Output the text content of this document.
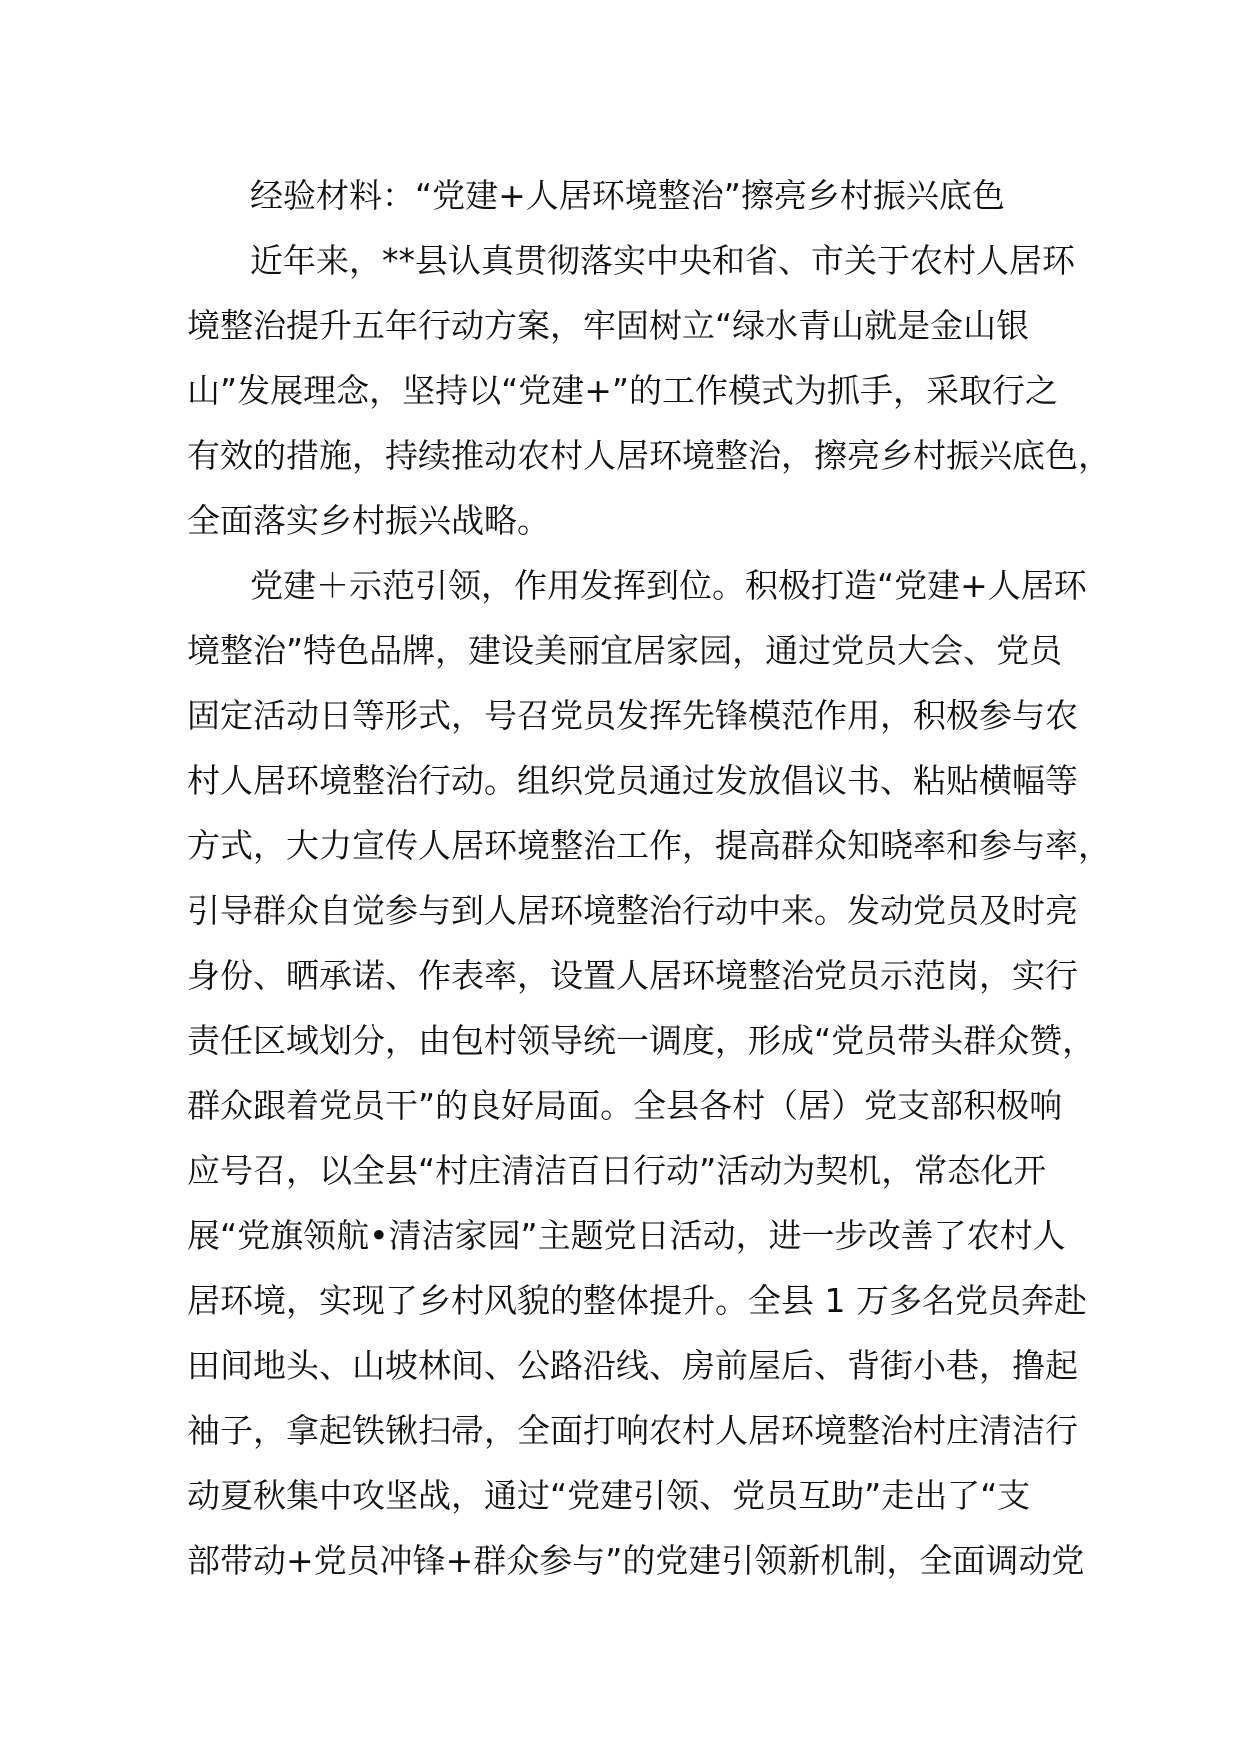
经验材料：“党建+人居环境整治”擦亮乡村振兴底色
近年来，**县认真贯彻落实中央和省、市关于农村人居环
境整治提升五年行动方案，牢固树立“绿水青山就是金山银
山”发展理念，坚持以“党建+”的工作模式为抓手，采取行之
有效的措施，持续推动农村人居环境整治，擦亮乡村振兴底色，
全面落实乡村振兴战略。
党建＋示范引领，作用发挥到位。积极打造“党建+人居环
境整治”特色品牌，建设美丽宜居家园，通过党员大会、党员
固定活动日等形式，号召党员发挥先锋模范作用，积极参与农
村人居环境整治行动。组织党员通过发放倡议书、粘贴横幅等
方式，大力宣传人居环境整治工作，提高群众知晓率和参与率，
引导群众自觉参与到人居环境整治行动中来。发动党员及时亮
身份、晒承诺、作表率，设置人居环境整治党员示范岗，实行
责任区域划分，由包村领导统一调度，形成“党员带头群众赞，
群众跟着党员干”的良好局面。全县各村（居）党支部积极响
应号召，以全县“村庄清洁百日行动”活动为契机，常态化开
展“党旗领航•清洁家园”主题党日活动，进一步改善了农村人
居环境，实现了乡村风貌的整体提升。全县 1 万多名党员奔赴
田间地头、山坡林间、公路沿线、房前屋后、背街小巷，撸起
袖子，拿起铁锹扫帚，全面打响农村人居环境整治村庄清洁行
动夏秋集中攻坚战，通过“党建引领、党员互助”走出了“支
部带动+党员冲锋+群众参与”的党建引领新机制，全面调动党
